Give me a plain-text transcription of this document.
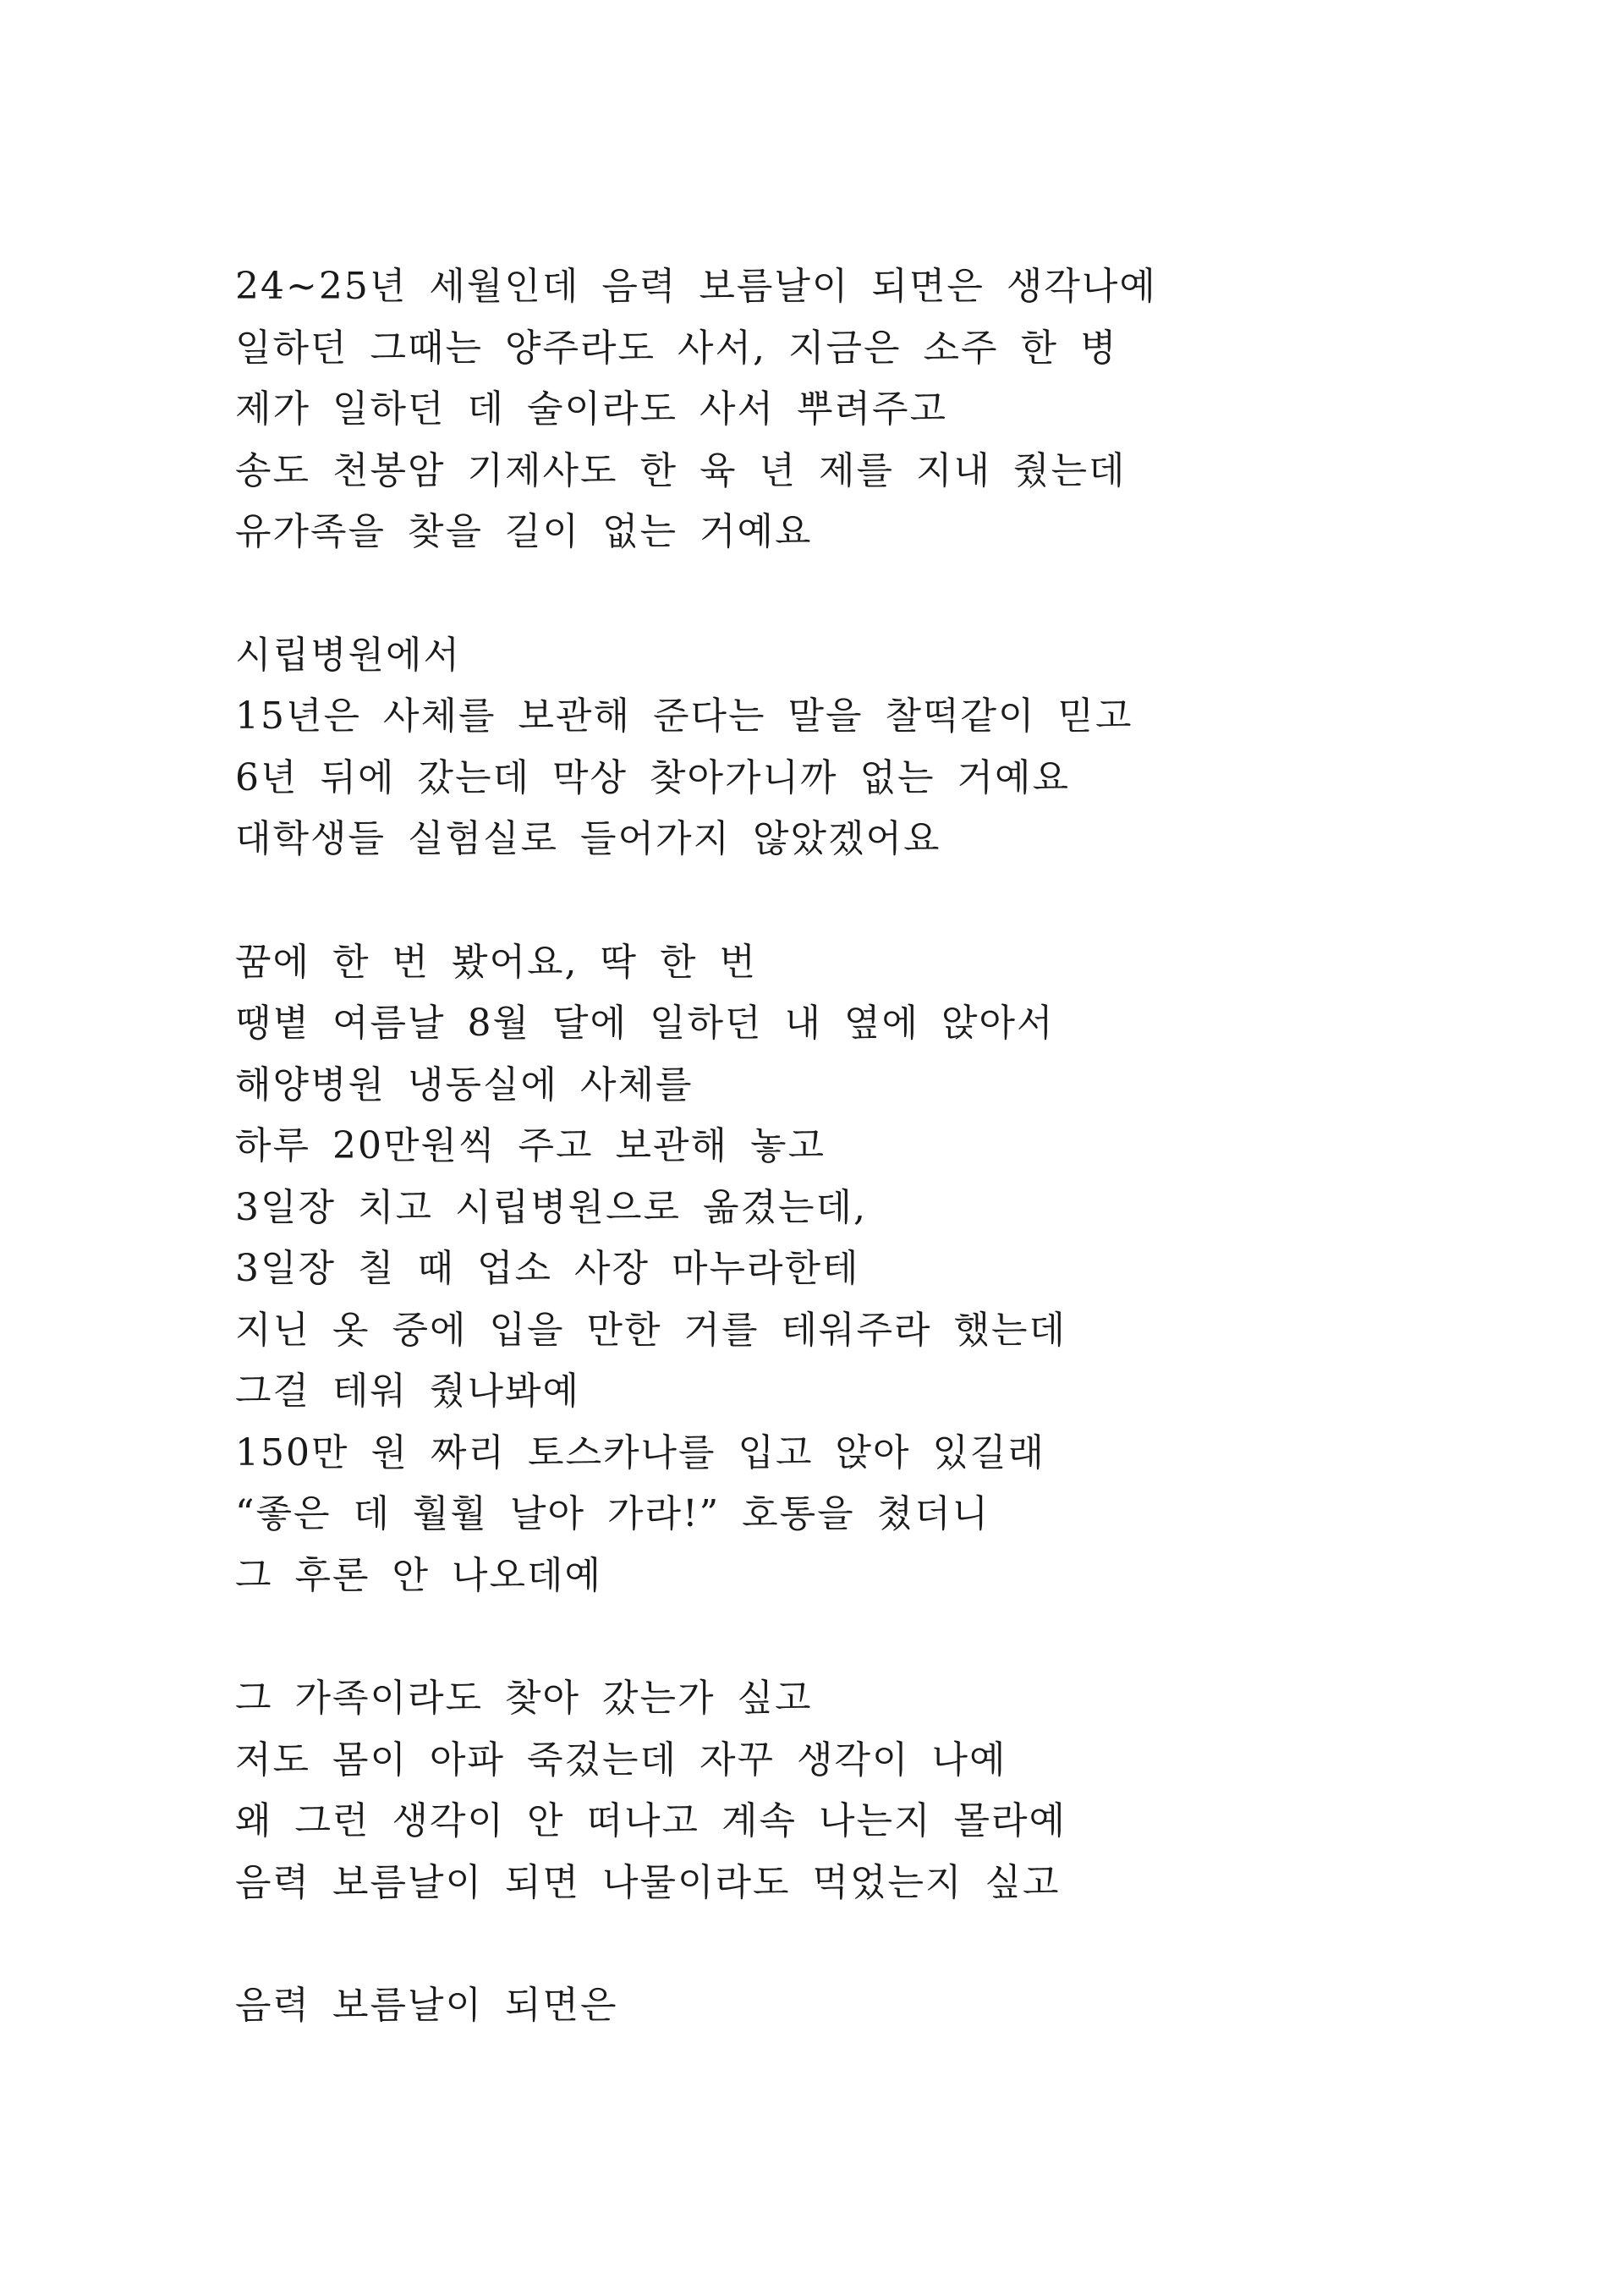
24~25년 세월인데 음력 보름날이 되면은 생각나예
일하던 그때는 양주라도 사서, 지금은 소주 한 병
제가 일하던 데 술이라도 사서 뿌려주고
송도 천봉암 기제사도 한 육 년 제를 지내 줬는데
유가족을 찾을 길이 없는 거예요
시립병원에서
15년은 사체를 보관해 준다는 말을 찰떡같이 믿고
6년 뒤에 갔는데 막상 찾아가니까 없는 거예요
대학생들 실험실로 들어가지 않았겠어요
꿈에 한 번 봤어요, 딱 한 번
땡볕 여름날 8월 달에 일하던 내 옆에 앉아서
해양병원 냉동실에 사체를
하루 20만원씩 주고 보관해 놓고
3일장 치고 시립병원으로 옮겼는데,
3일장 칠 때 업소 사장 마누라한테
지닌 옷 중에 입을 만한 거를 테워주라 했는데
그걸 테워 줬나봐예
150만 원 짜리 토스카나를 입고 앉아 있길래
“좋은 데 훨훨 날아 가라!” 호통을 쳤더니
그 후론 안 나오데예
그 가족이라도 찾아 갔는가 싶고
저도 몸이 아파 죽겄는데 자꾸 생각이 나예
왜 그런 생각이 안 떠나고 계속 나는지 몰라예
음력 보름날이 되면 나물이라도 먹었는지 싶고
음력 보름날이 되면은
